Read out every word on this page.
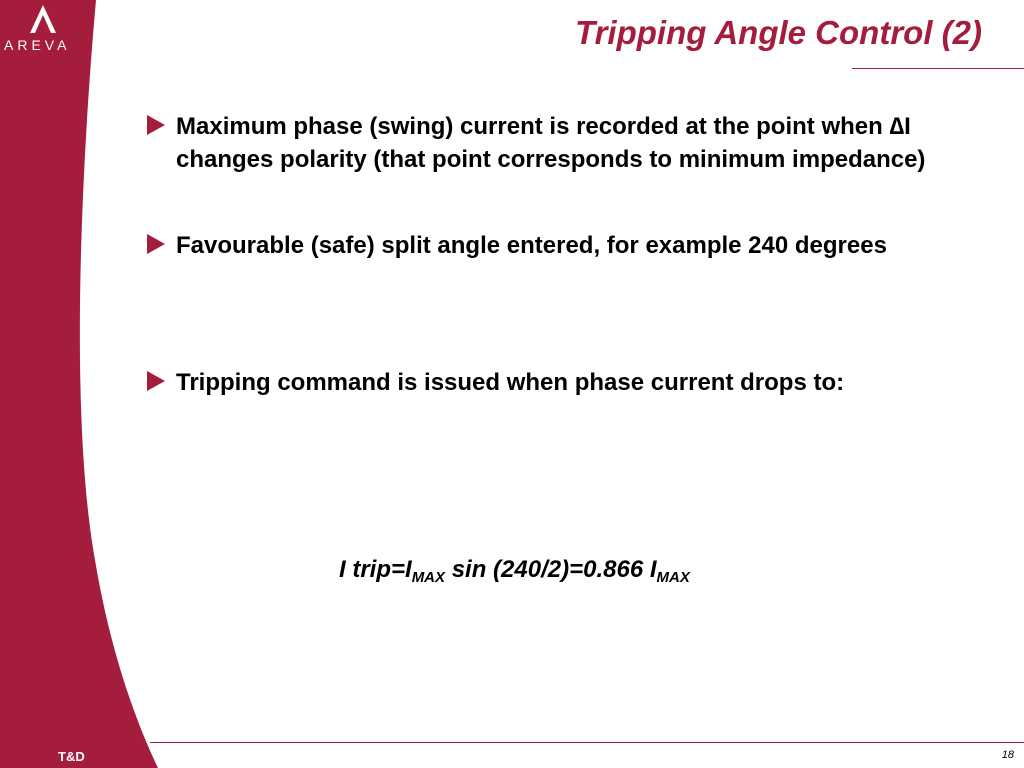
AREVA	Tripping Angle Control (2)
Maximum phase (swing) current is recorded at the point when ∆I changes polarity (that point corresponds to minimum impedance)
Favourable (safe) split angle entered, for example 240 degrees
Tripping command is issued when phase current drops to:
I $trip=I_{MAX}$ sin (240/2)=0.866 $I_{MAX}$
T&D	18
